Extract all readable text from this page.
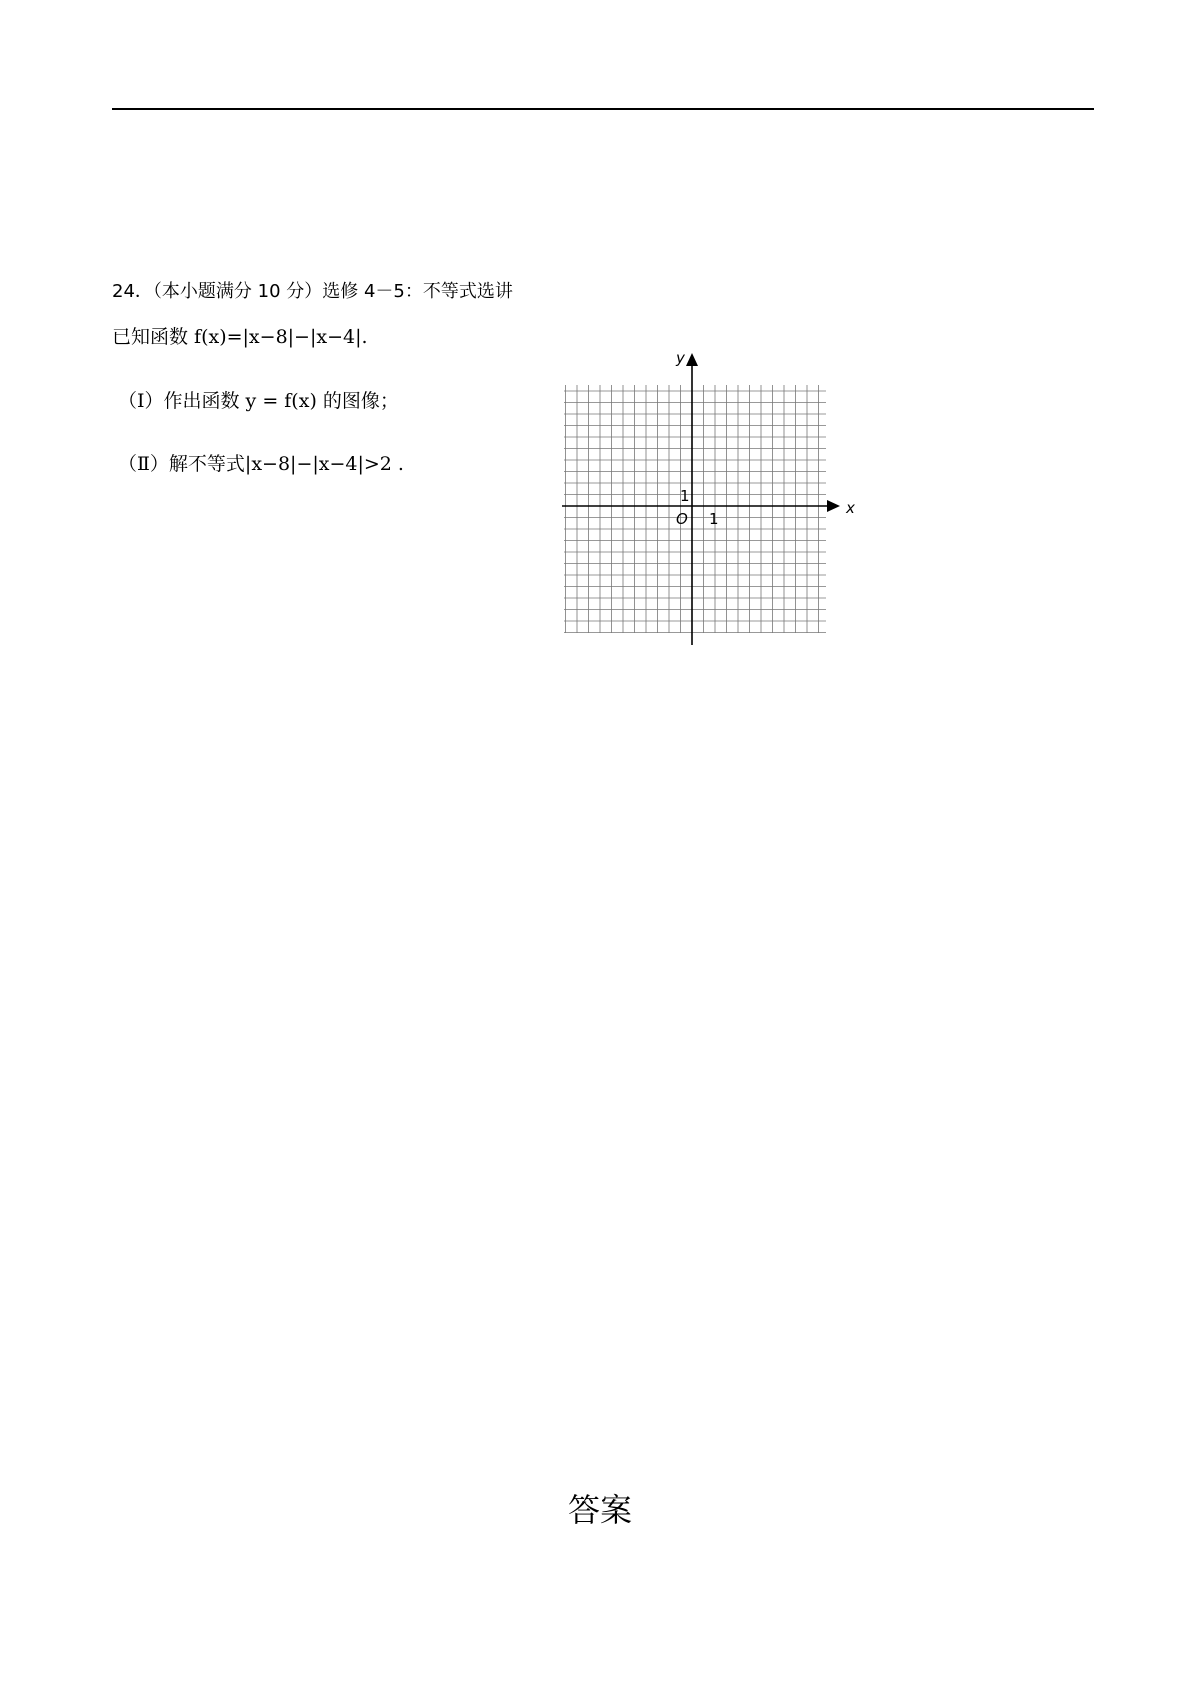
24．（本小题满分 10 分）选修 4－5：不等式选讲
已知函数 f(x)=|x−8|−|x−4|.
（Ⅰ）作出函数 y = f(x) 的图像；
（Ⅱ）解不等式|x−8|−|x−4|>2 .
x
y
O 1
1
答案
